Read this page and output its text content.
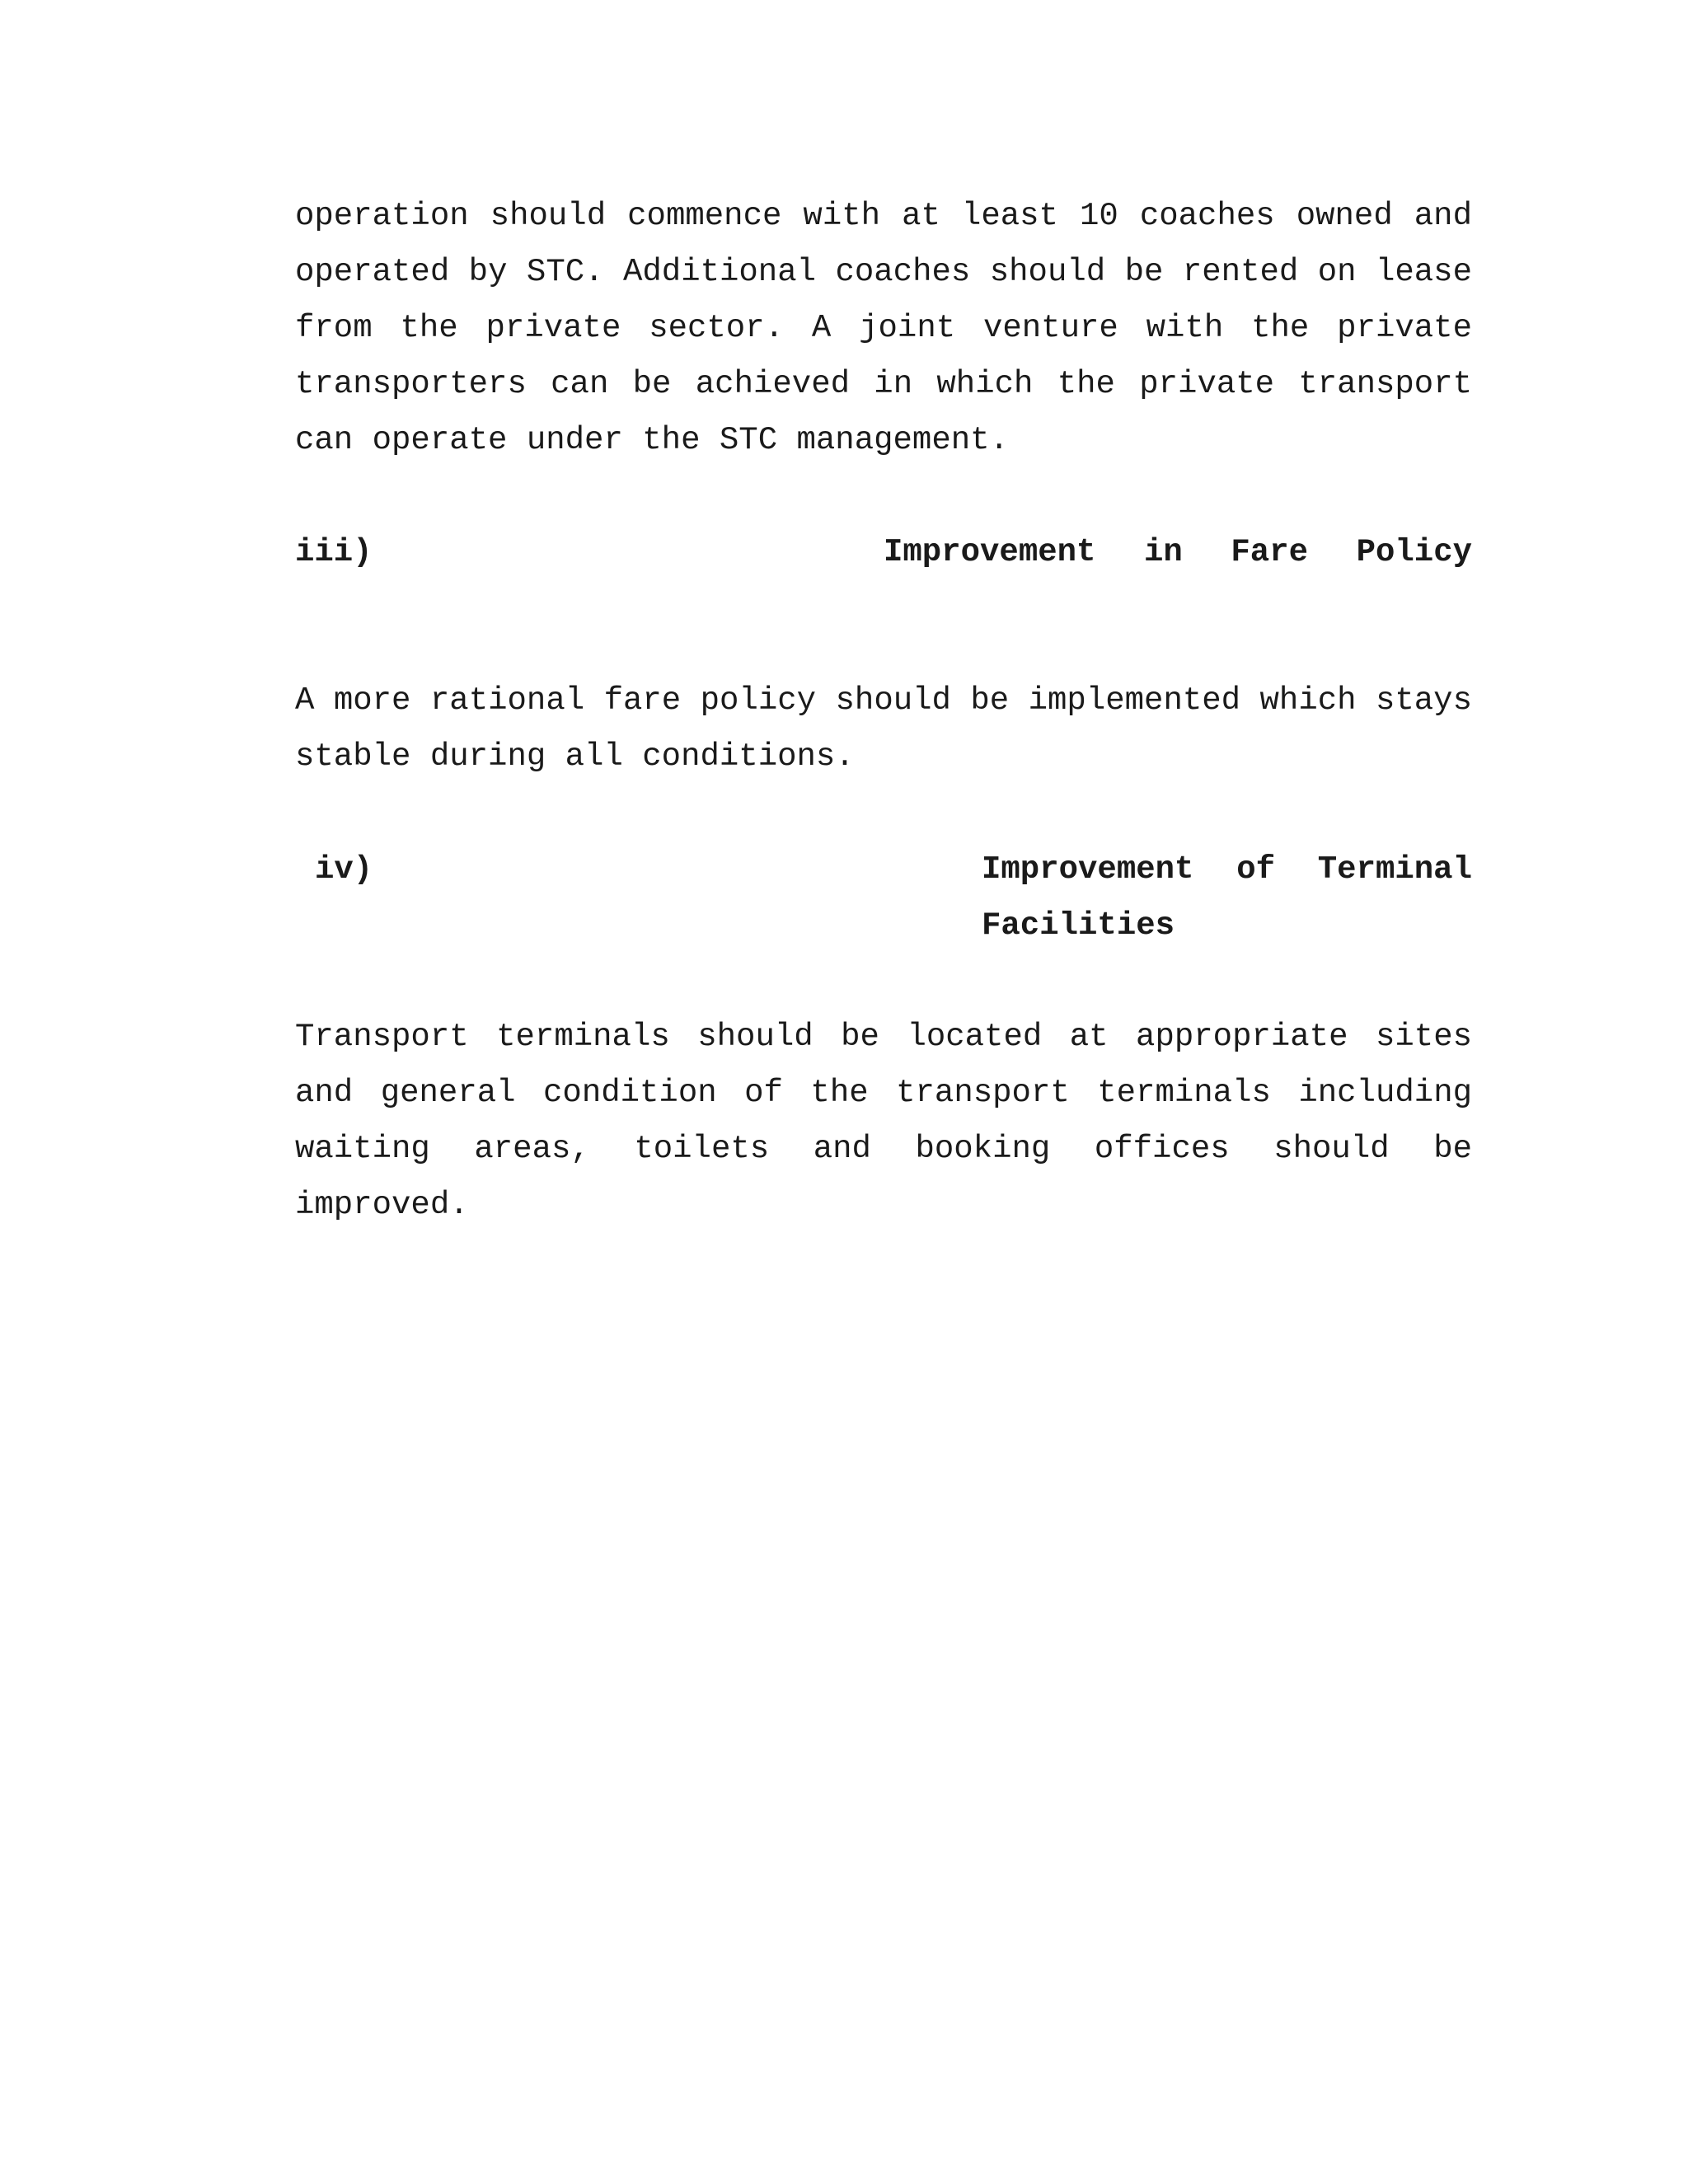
operation should commence with at least 10 coaches owned and operated by STC. Additional coaches should be rented on lease from the private sector. A joint venture with the private transporters can be achieved in which the private transport can operate under the STC management.

iii)	Improvement in Fare Policy

A more rational fare policy should be implemented which stays stable during all conditions.

iv)	Improvement of Terminal
Facilities

Transport terminals should be located at appropriate sites and general condition of the transport terminals including waiting areas, toilets and booking offices should be improved.
